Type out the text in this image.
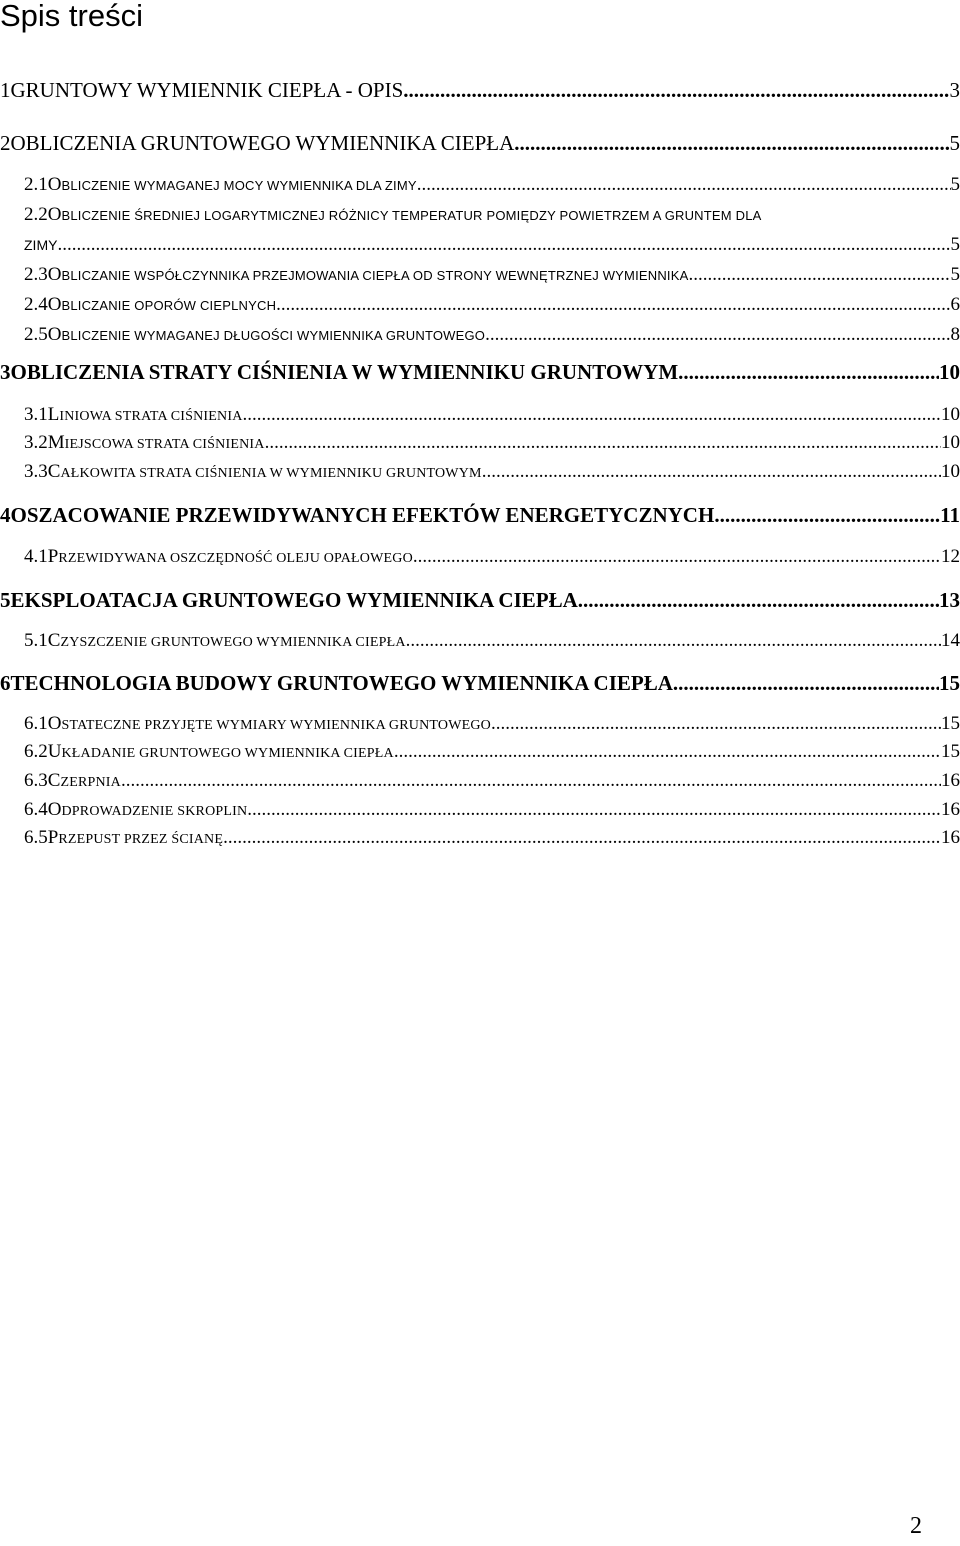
Spis treści
1GRUNTOWY WYMIENNIK CIEPŁA - OPIS .....	3
2OBLICZENIA GRUNTOWEGO WYMIENNIKA CIEPŁA .....	5
2.1OBLICZENIE WYMAGANEJ MOCY WYMIENNIKA DLA ZIMY .....	5
2.2OBLICZENIE ŚREDNIEJ LOGARYTMICZNEJ RÓŻNICY TEMPERATUR POMIĘDZY POWIETRZEM A GRUNTEM DLA
ZIMY .....	5
2.3OBLICZANIE WSPÓŁCZYNNIKA PRZEJMOWANIA CIEPŁA OD STRONY WEWNĘTRZNEJ WYMIENNIKA .....	5
2.4OBLICZANIE OPORÓW CIEPLNYCH .....	6
2.5OBLICZENIE WYMAGANEJ DŁUGOŚCI WYMIENNIKA GRUNTOWEGO .....	8
3OBLICZENIA STRATY CIŚNIENIA W WYMIENNIKU GRUNTOWYM .....	10
3.1LINIOWA STRATA CIŚNIENIA .....	10
3.2MIEJSCOWA STRATA CIŚNIENIA .....	10
3.3CAŁKOWITA STRATA CIŚNIENIA W WYMIENNIKU GRUNTOWYM .....	10
4OSZACOWANIE PRZEWIDYWANYCH EFEKTÓW ENERGETYCZNYCH .....	11
4.1PRZEWIDYWANA OSZCZĘDNOŚĆ OLEJU OPAŁOWEGO .....	12
5EKSPLOATACJA GRUNTOWEGO WYMIENNIKA CIEPŁA .....	13
5.1CZYSZCZENIE GRUNTOWEGO WYMIENNIKA CIEPŁA .....	14
6TECHNOLOGIA BUDOWY GRUNTOWEGO WYMIENNIKA CIEPŁA .....	15
6.1OSTATECZNE PRZYJĘTE WYMIARY WYMIENNIKA GRUNTOWEGO .....	15
6.2UKŁADANIE GRUNTOWEGO WYMIENNIKA CIEPŁA .....	15
6.3CZERPNIA .....	16
6.4ODPROWADZENIE SKROPLIN .....	16
6.5PRZEPUST PRZEZ ŚCIANĘ .....	16
2
